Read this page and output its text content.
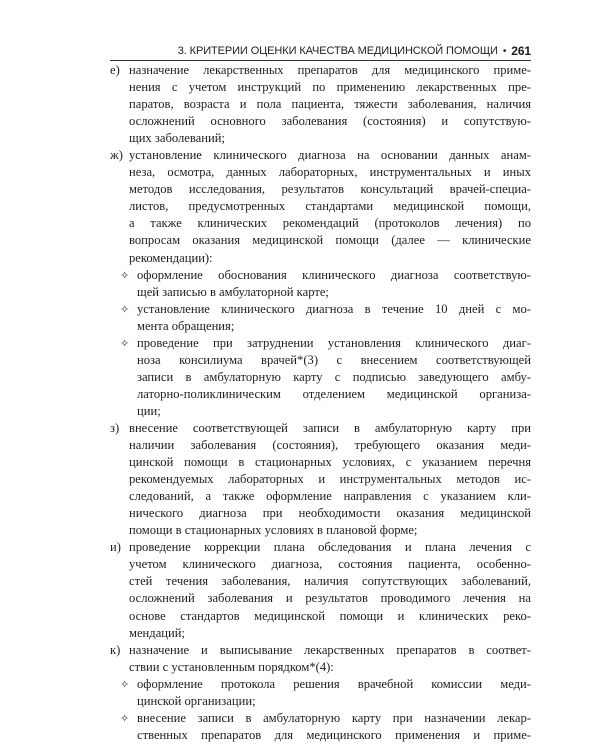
3. КРИТЕРИИ ОЦЕНКИ КАЧЕСТВА МЕДИЦИНСКОЙ ПОМОЩИ • 261
е) назначение лекарственных препаратов для медицинского приме-
нения с учетом инструкций по применению лекарственных пре-
паратов, возраста и пола пациента, тяжести заболевания, наличия
осложнений основного заболевания (состояния) и сопутствую-
щих заболеваний;
ж) установление клинического диагноза на основании данных анам-
неза, осмотра, данных лабораторных, инструментальных и иных
методов исследования, результатов консультаций врачей-специа-
листов, предусмотренных стандартами медицинской помощи,
а также клинических рекомендаций (протоколов лечения) по
вопросам оказания медицинской помощи (далее — клинические
рекомендации):
✧ оформление обоснования клинического диагноза соответствую-
щей записью в амбулаторной карте;
✧ установление клинического диагноза в течение 10 дней с мо-
мента обращения;
✧ проведение при затруднении установления клинического диаг-
ноза консилиума врачей*(3) с внесением соответствующей
записи в амбулаторную карту с подписью заведующего амбу-
латорно-поликлиническим отделением медицинской организа-
ции;
з) внесение соответствующей записи в амбулаторную карту при
наличии заболевания (состояния), требующего оказания меди-
цинской помощи в стационарных условиях, с указанием перечня
рекомендуемых лабораторных и инструментальных методов ис-
следований, а также оформление направления с указанием кли-
нического диагноза при необходимости оказания медицинской
помощи в стационарных условиях в плановой форме;
и) проведение коррекции плана обследования и плана лечения с
учетом клинического диагноза, состояния пациента, особенно-
стей течения заболевания, наличия сопутствующих заболеваний,
осложнений заболевания и результатов проводимого лечения на
основе стандартов медицинской помощи и клинических реко-
мендаций;
к) назначение и выписывание лекарственных препаратов в соответ-
ствии с установленным порядком*(4):
✧ оформление протокола решения врачебной комиссии меди-
цинской организации;
✧ внесение записи в амбулаторную карту при назначении лекар-
ственных препаратов для медицинского применения и приме-
